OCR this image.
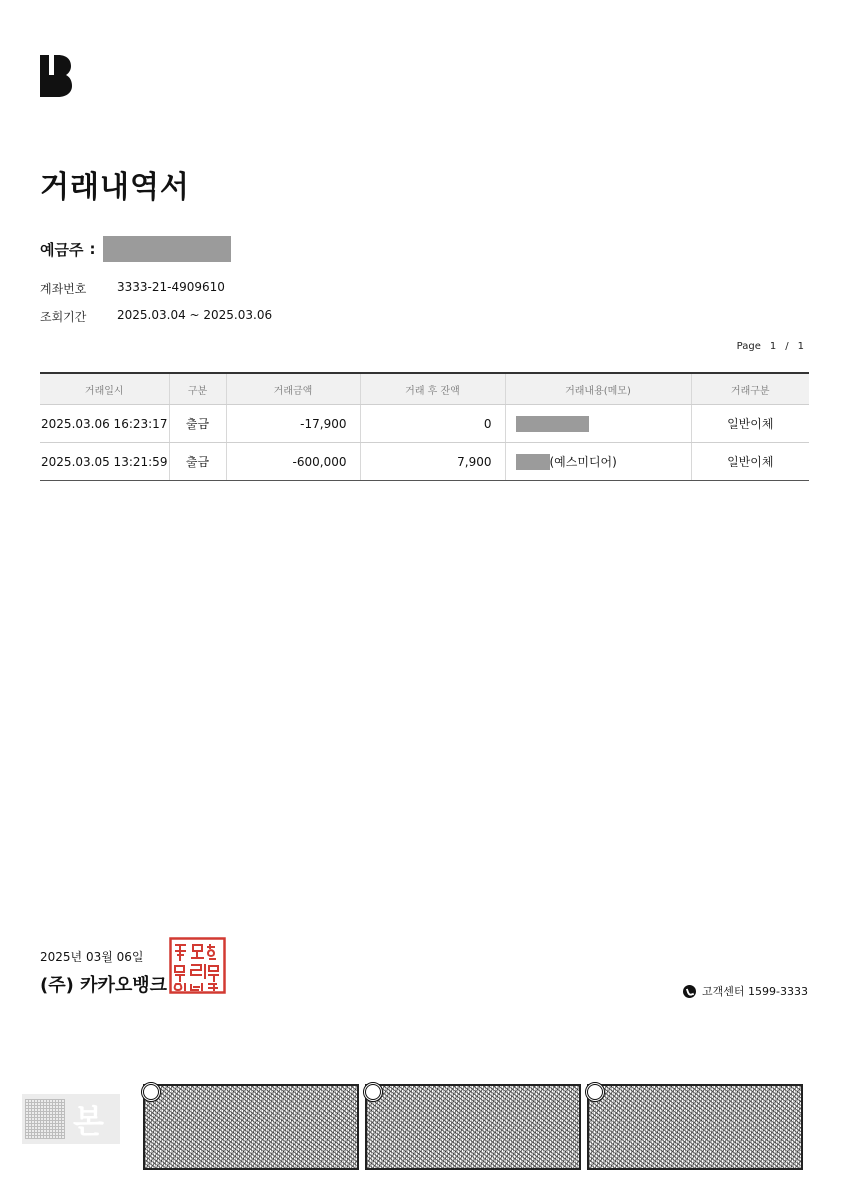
거래내역서
예금주 :
계좌번호	3333-21-4909610
조회기간	2025.03.04 ~ 2025.03.06
Page 1 / 1
거래일시	구분	거래금액	거래 후 잔액	거래내용(메모)	거래구분
2025.03.06 16:23:17	출금	-17,900	0		일반이체
2025.03.05 13:21:59	출금	-600,000	7,900	(예스미디어)	일반이체
2025년 03월 06일
(주) 카카오뱅크	고객센터 1599-3333
본
